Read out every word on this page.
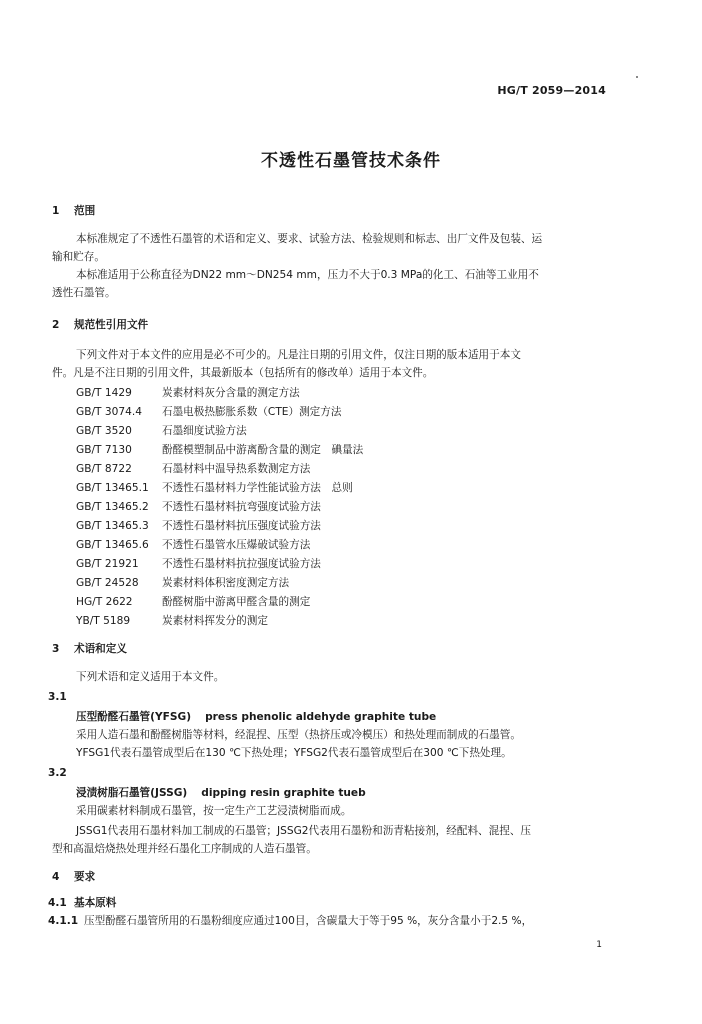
HG/T 2059—2014
不透性石墨管技术条件
1 范围
本标准规定了不透性石墨管的术语和定义、要求、试验方法、检验规则和标志、出厂文件及包装、运
输和贮存。
本标准适用于公称直径为DN22 mm～DN254 mm，压力不大于0.3 MPa的化工、石油等工业用不
透性石墨管。
2 规范性引用文件
下列文件对于本文件的应用是必不可少的。凡是注日期的引用文件，仅注日期的版本适用于本文
件。凡是不注日期的引用文件，其最新版本（包括所有的修改单）适用于本文件。
GB/T 1429	炭素材料灰分含量的测定方法
GB/T 3074.4 石墨电极热膨胀系数（CTE）测定方法
GB/T 3520	石墨细度试验方法
GB/T 7130	酚醛模塑制品中游离酚含量的测定　碘量法
GB/T 8722	石墨材料中温导热系数测定方法
GB/T 13465.1 不透性石墨材料力学性能试验方法　总则
GB/T 13465.2 不透性石墨材料抗弯强度试验方法
GB/T 13465.3 不透性石墨材料抗压强度试验方法
GB/T 13465.6 不透性石墨管水压爆破试验方法
GB/T 21921 不透性石墨材料抗拉强度试验方法
GB/T 24528 炭素材料体积密度测定方法
HG/T 2622	酚醛树脂中游离甲醛含量的测定
YB/T 5189	炭素材料挥发分的测定
3 术语和定义
下列术语和定义适用于本文件。
3.1
压型酚醛石墨管(YFSG) press phenolic aldehyde graphite tube
采用人造石墨和酚醛树脂等材料，经混捏、压型（热挤压或冷模压）和热处理而制成的石墨管。
YFSG1代表石墨管成型后在130 ℃下热处理；YFSG2代表石墨管成型后在300 ℃下热处理。
3.2
浸渍树脂石墨管(JSSG) dipping resin graphite tueb
采用碳素材料制成石墨管，按一定生产工艺浸渍树脂而成。
JSSG1代表用石墨材料加工制成的石墨管；JSSG2代表用石墨粉和沥青粘接剂，经配料、混捏、压
型和高温焙烧热处理并经石墨化工序制成的人造石墨管。
4 要求
4.1 基本原料
4.1.1 压型酚醛石墨管所用的石墨粉细度应通过100目，含碳量大于等于95 %，灰分含量小于2.5 %，
1
